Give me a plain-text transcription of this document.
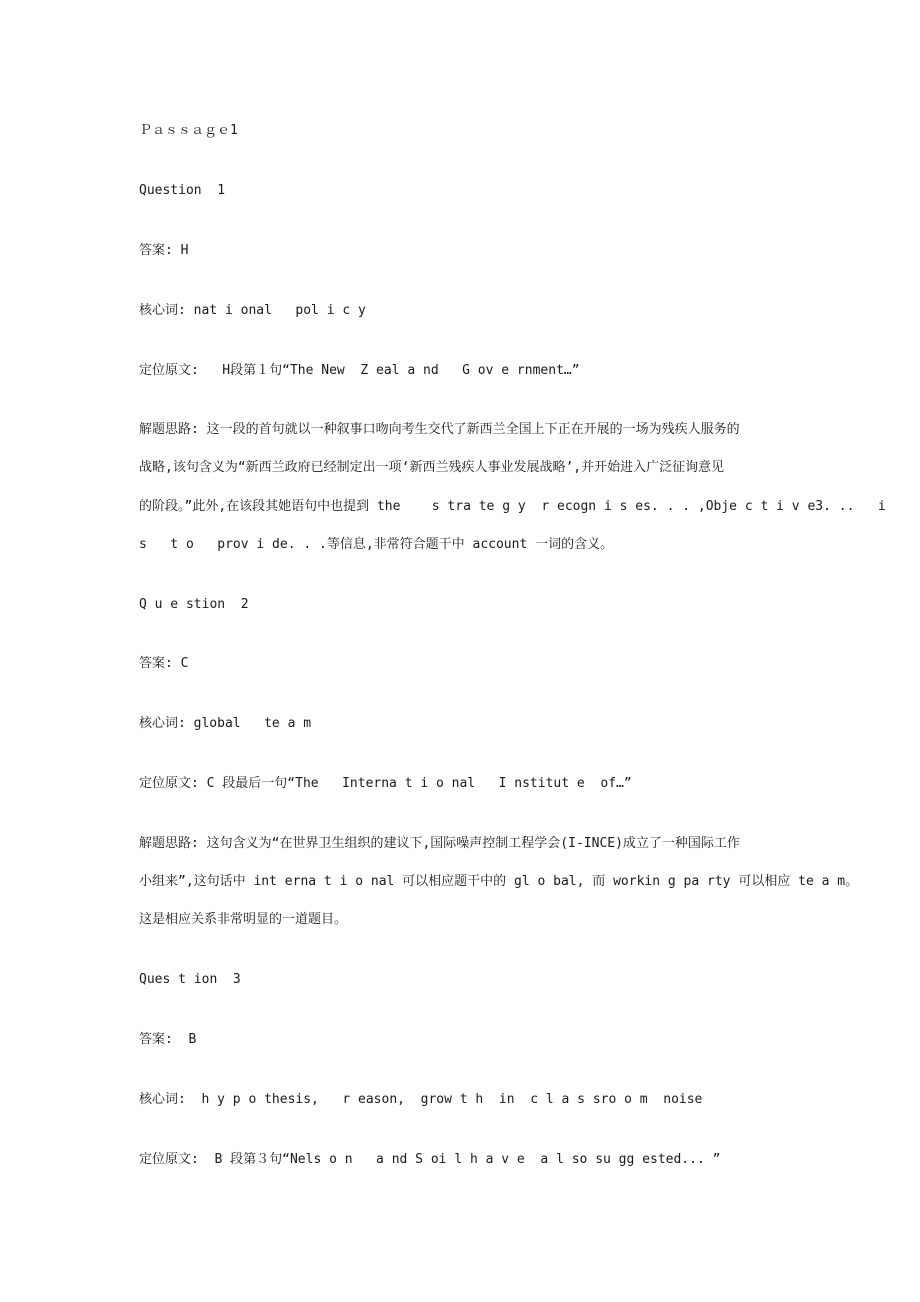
Ｐａｓｓａｇｅ1
Question  1
答案: H
核心词: nat i onal   pol i c y
定位原文:   H段第１句“The New  Z eal a nd   G ov e rnment…”
解题思路: 这一段的首句就以一种叙事口吻向考生交代了新西兰全国上下正在开展的一场为残疾人服务的
战略,该句含义为“新西兰政府已经制定出一项‘新西兰残疾人事业发展战略’,并开始进入广泛征询意见
的阶段。”此外,在该段其她语句中也提到 the    s tra te g y  r ecogn i s es. . . ,Obje c t i v e3. ..   i
s   t o   prov i de. . .等信息,非常符合题干中 account 一词的含义。
Q u e stion  2
答案: C
核心词: global   te a m
定位原文: C 段最后一句“The   Interna t i o nal   I nstitut e  of…”
解题思路: 这句含义为“在世界卫生组织的建议下,国际噪声控制工程学会(I-INCE)成立了一种国际工作
小组来”,这句话中 int erna t i o nal 可以相应题干中的 gl o bal, 而 workin g pa rty 可以相应 te a m。
这是相应关系非常明显的一道题目。
Ques t ion  3
答案:  B
核心词:  h y p o thesis,   r eason,  grow t h  in  c l a s sro o m  noise
定位原文:  B 段第３句“Nels o n   a nd S oi l h a v e  a l so su gg ested... ”
